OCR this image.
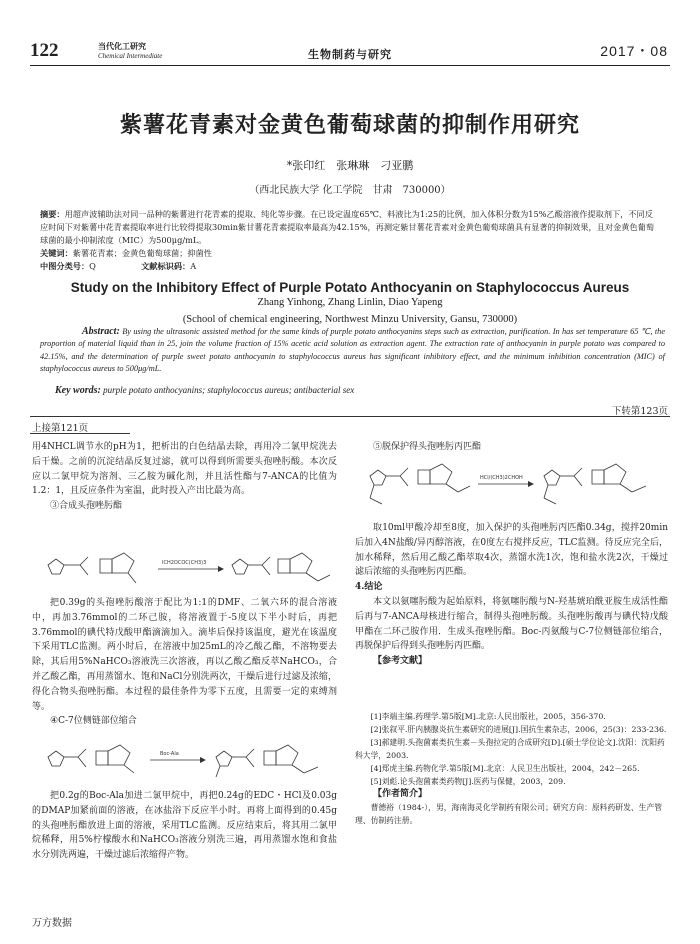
122	当代化工研究
Chemical Intermediate	生物制药与研究	2017・08
紫薯花青素对金黄色葡萄球菌的抑制作用研究
*张印红　张琳琳　刁亚鹏
（西北民族大学 化工学院　甘肃　730000）
摘要：用超声波辅助法对同一品种的紫薯进行花青素的提取、纯化等步骤。在已设定温度65℃、料液比为1:25的比例，加入体积分数为15%乙酸溶液作提取剂下，不同反应时间下对紫薯中花青素提取率进行比较得提取30min紫甘薯花青素提取率最高为42.15%，再测定紫甘薯花青素对金黄色葡萄球菌具有显著的抑制效果，且对金黄色葡萄球菌的最小抑制浓度（MIC）为500μg/mL。
关键词：紫薯花青素；金黄色葡萄球菌；抑菌性
中图分类号：Q	文献标识码：A
Study on the Inhibitory Effect of Purple Potato Anthocyanin on Staphylococcus Aureus
Zhang Yinhong, Zhang Linlin, Diao Yapeng
(School of chemical engineering, Northwest Minzu University, Gansu, 730000)
Abstract: By using the ultrasonic assisted method for the same kinds of purple potato anthocyanins steps such as extraction, purification. In has set temperature 65 ℃, the proportion of material liquid than in 25, join the volume fraction of 15% acetic acid solution as extraction agent. The extraction rate of anthocyanin in purple potato was compared to 42.15%, and the determination of purple sweet potato anthocyanin to staphylococcus aureus has significant inhibitory effect, and the minimum inhibition concentration (MIC) of staphylococcus aureus to 500μg/mL.
Key words: purple potato anthocyanins; staphylococcus aureus; antibacterial sex
下转第123页
上接第121页

用4NHCL调节水的pH为1，把析出的白色结晶去除，再用冷二氯甲烷洗去后干燥。之前的沉淀结晶反复过滤，就可以得到所需要头孢唑肟酸。本次反应以二氯甲烷为溶剂、三乙胺为碱化剂，并且活性酯与7-ANCA的比值为1.2：1，且反应条件为室温，此时投入产出比最为高。

③合成头孢唑肟酯

ICH2OCOC(CH3)3

把0.39g的头孢唑肟酸溶于配比为1:1的DMF、二氧六环的混合溶液中，再加3.76mmol的二环己胺，将溶液置于-5度以下半小时后，再把3.76mmol的碘代特戊酸甲酯滴滴加入。滴毕后保持该温度，避光在该温度下采用TLC监测。两小时后，在溶液中加25mL的冷乙酸乙酯，不溶物要去除，其后用5%NaHCO₃溶液洗三次溶液，再以乙酸乙酯反萃NaHCO₃，合并乙酸乙酯，再用蒸馏水、饱和NaCl分别洗两次，干燥后进行过滤及浓缩，得化合物头孢唑肟酯。本过程的最佳条件为零下五度，且需要一定的束缚剂等。

④C-7位侧链部位缩合

Boc-Ala

把0.2g的Boc-Ala加进二氯甲烷中，再把0.24g的EDC・HCl及0.03g的DMAP加紧前面的溶液，在冰盐浴下反应半小时。再将上面得到的0.45g的头孢唑肟酯放进上面的溶液，采用TLC监测。反应结束后，将其用二氯甲烷稀释，用5%柠檬酸水和NaHCO₃溶液分别洗三遍，再用蒸馏水饱和食盐水分别洗两遍，干燥过滤后浓缩得产物。

⑤脱保护得头孢唑肟丙匹酯

HCl/(CH3)2CHOH

取10ml甲酸冷却至8度，加入保护的头孢唑肟丙匹酯0.34g，搅拌20min后加入4N盐酸/异丙醇溶液，在0度左右搅拌反应，TLC监测。待反应完全后，加水稀释，然后用乙酸乙酯萃取4次，蒸馏水洗1次，饱和盐水洗2次，干燥过滤后浓缩的头孢唑肟丙匹酯。

4.结论

本文以氨噻肟酸为起始原料，将氨噻肟酸与N-羟基琥珀酰亚胺生成活性酯后再与7-ANCA母核进行缩合，制得头孢唑肟酸。头孢唑肟酸再与碘代特戊酸甲酯在二环己胺作用．生成头孢唑肟酯。Boc-丙氨酸与C-7位侧链部位缩合，再脱保护后得到头孢唑肟丙匹酯。

【参考文献】

[1]李端主编.药理学.第5版[M].北京:人民出版社，2005，356-370.
[2]张叙平.肝内胰腺炎抗生素研究的进展[J].国抗生素杂志，2006，25(3)：233-236.
[3]郝建明.头孢菌素类抗生素－头孢拉定的合成研究[D].[硕士学位论文].沈阳：沈阳药科大学，2003.
[4]郑虎主编.药物化学.第5版[M].北京：人民卫生出版社，2004，242－265.
[5]刘彪.论头孢菌素类药物[J].医药与保健，2003，209.
【作者简介】
曹德裕（1984-），男，海南海灵化学制药有限公司；研究方向：原料药研发、生产管理、仿制药注册。
万方数据
